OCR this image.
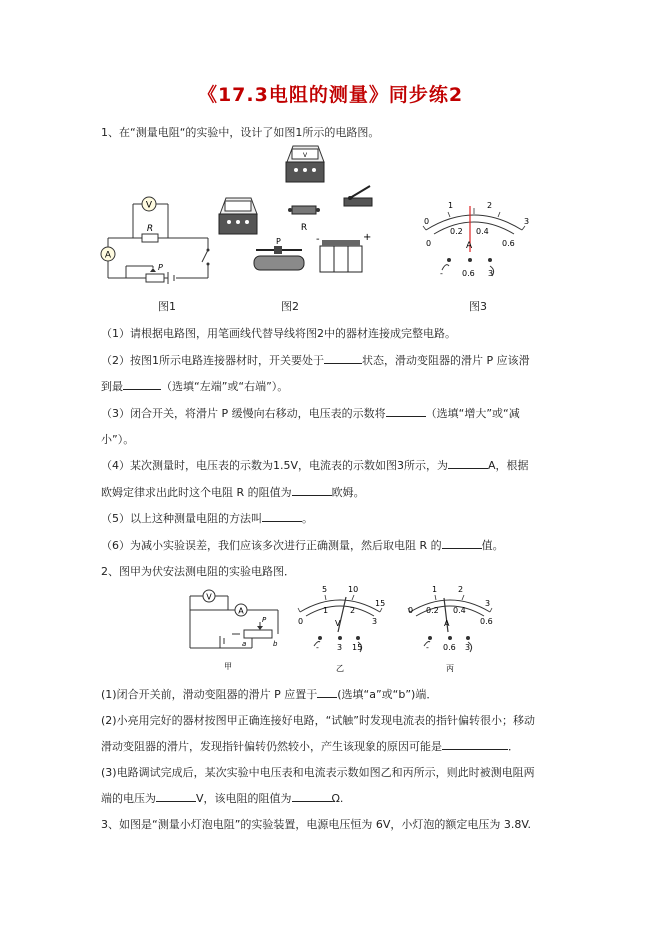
《17.3电阻的测量》同步练2
1、在“测量电阻“的实验中，设计了如图1所示的电路图。
V
A
R
P
图1
V
R
P	-	+
图2
0
1	2
3
0
0.2 0.4
0.6
A
- 0.6 3
图3
（1）请根据电路图，用笔画线代替导线将图2中的器材连接成完整电路。
（2）按图1所示电路连接器材时，开关要处于	状态，滑动变阻器的滑片 P 应该滑
到最	（选填“左端”或“右端”）。
（3）闭合开关，将滑片 P 缓慢向右移动，电压表的示数将	（选填“增大”或“减
小”）。
（4）某次测量时，电压表的示数为1.5V，电流表的示数如图3所示，为	A，根据
欧姆定律求出此时这个电阻 R 的阻值为	欧姆。
（5）以上这种测量电阻的方法叫	。
（6）为减小实验误差，我们应该多次进行正确测量，然后取电阻 R 的	值。
2、图甲为伏安法测电阻的实验电路图．
V
A
P
a	b
甲
5	10
15
0
1	2
3
V
- 3 15
乙
1	2
3
0 0.2 0.4
0.6
A
- 0.6 3
丙
(1)闭合开关前，滑动变阻器的滑片 P 应置于 (选填“a”或“b”)端．
(2)小亮用完好的器材按图甲正确连接好电路，“试触”时发现电流表的指针偏转很小；移动
滑动变阻器的滑片，发现指针偏转仍然较小，产生该现象的原因可能是	．
(3)电路调试完成后，某次实验中电压表和电流表示数如图乙和丙所示，则此时被测电阻两
端的电压为	V，该电阻的阻值为	Ω.
3、如图是“测量小灯泡电阻”的实验装置，电源电压恒为 6V，小灯泡的额定电压为 3.8V.
